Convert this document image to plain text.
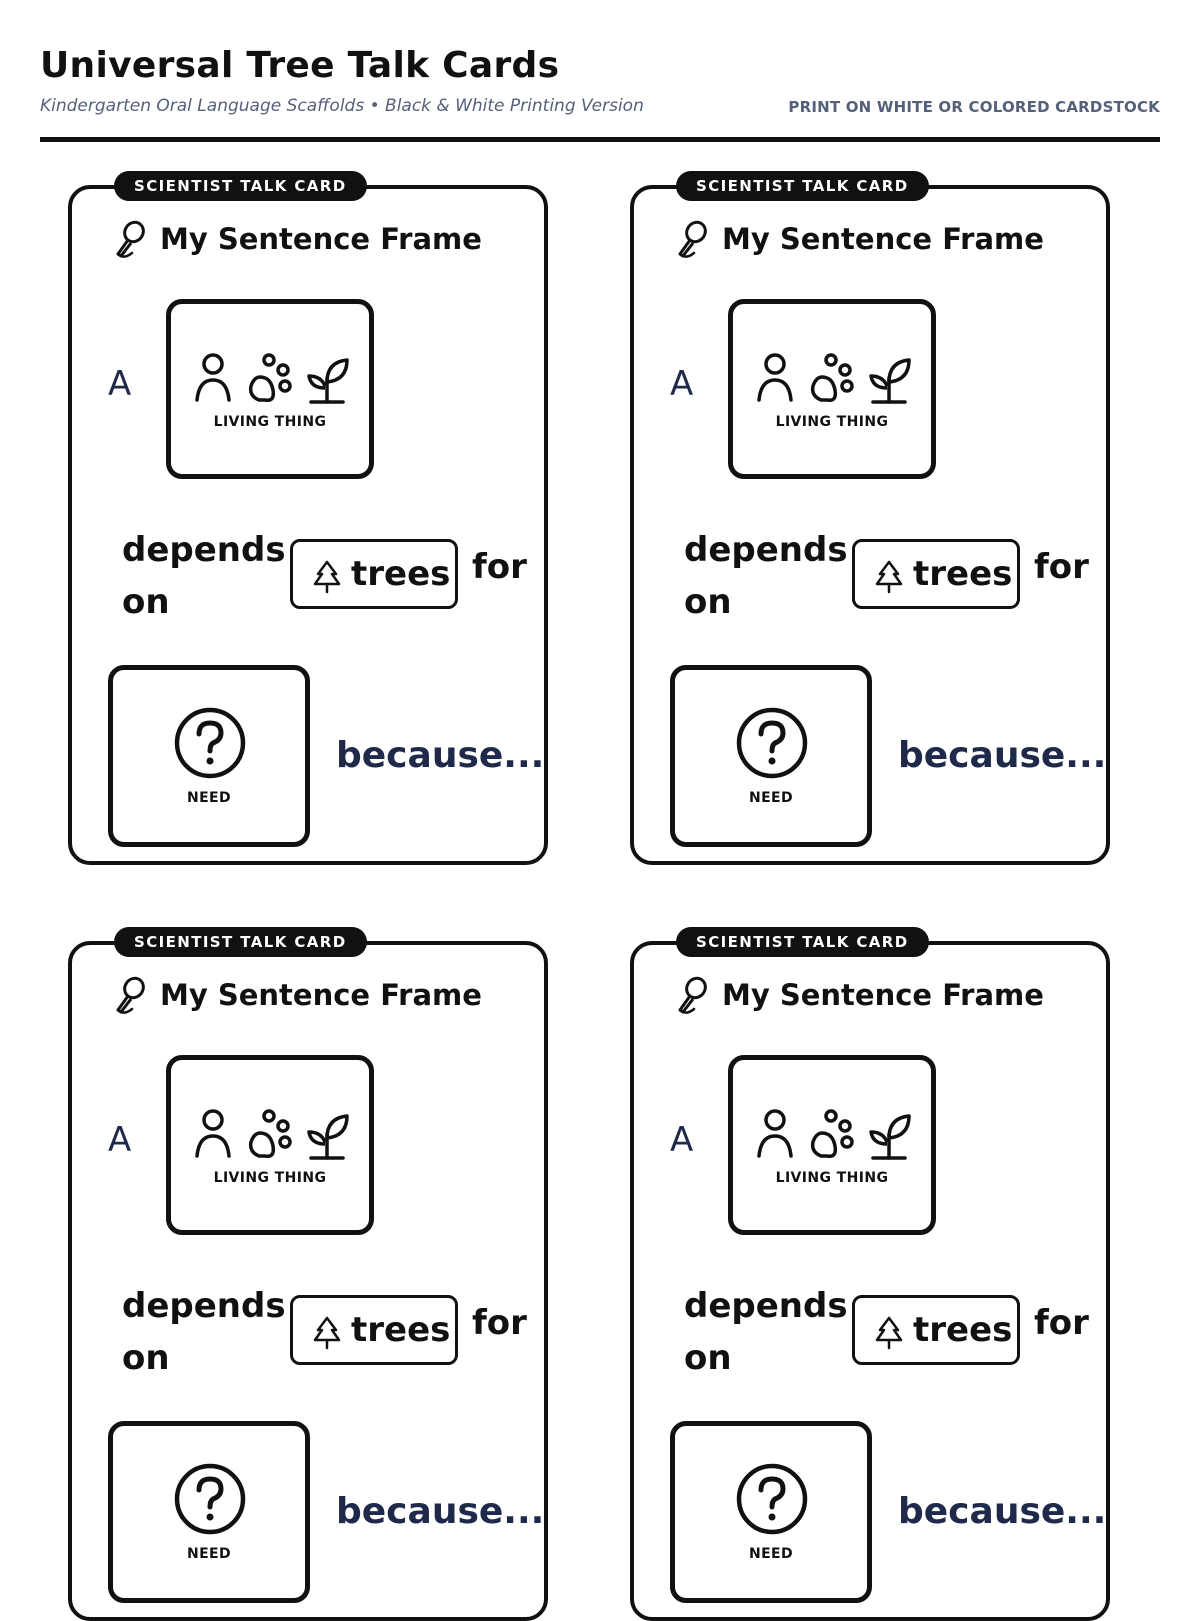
Universal Tree Talk Cards
Kindergarten Oral Language Scaffolds • Black & White Printing Version	PRINT ON WHITE OR COLORED CARDSTOCK
SCIENTIST TALK CARD
My Sentence Frame
A
LIVING THING
depends on
trees for
NEED
because...
SCIENTIST TALK CARD
My Sentence Frame
A
LIVING THING
depends on
trees for
NEED
because...
SCIENTIST TALK CARD
My Sentence Frame
A
LIVING THING
depends on
trees for
NEED
because...
SCIENTIST TALK CARD
My Sentence Frame
A
LIVING THING
depends on
trees for
NEED
because...
